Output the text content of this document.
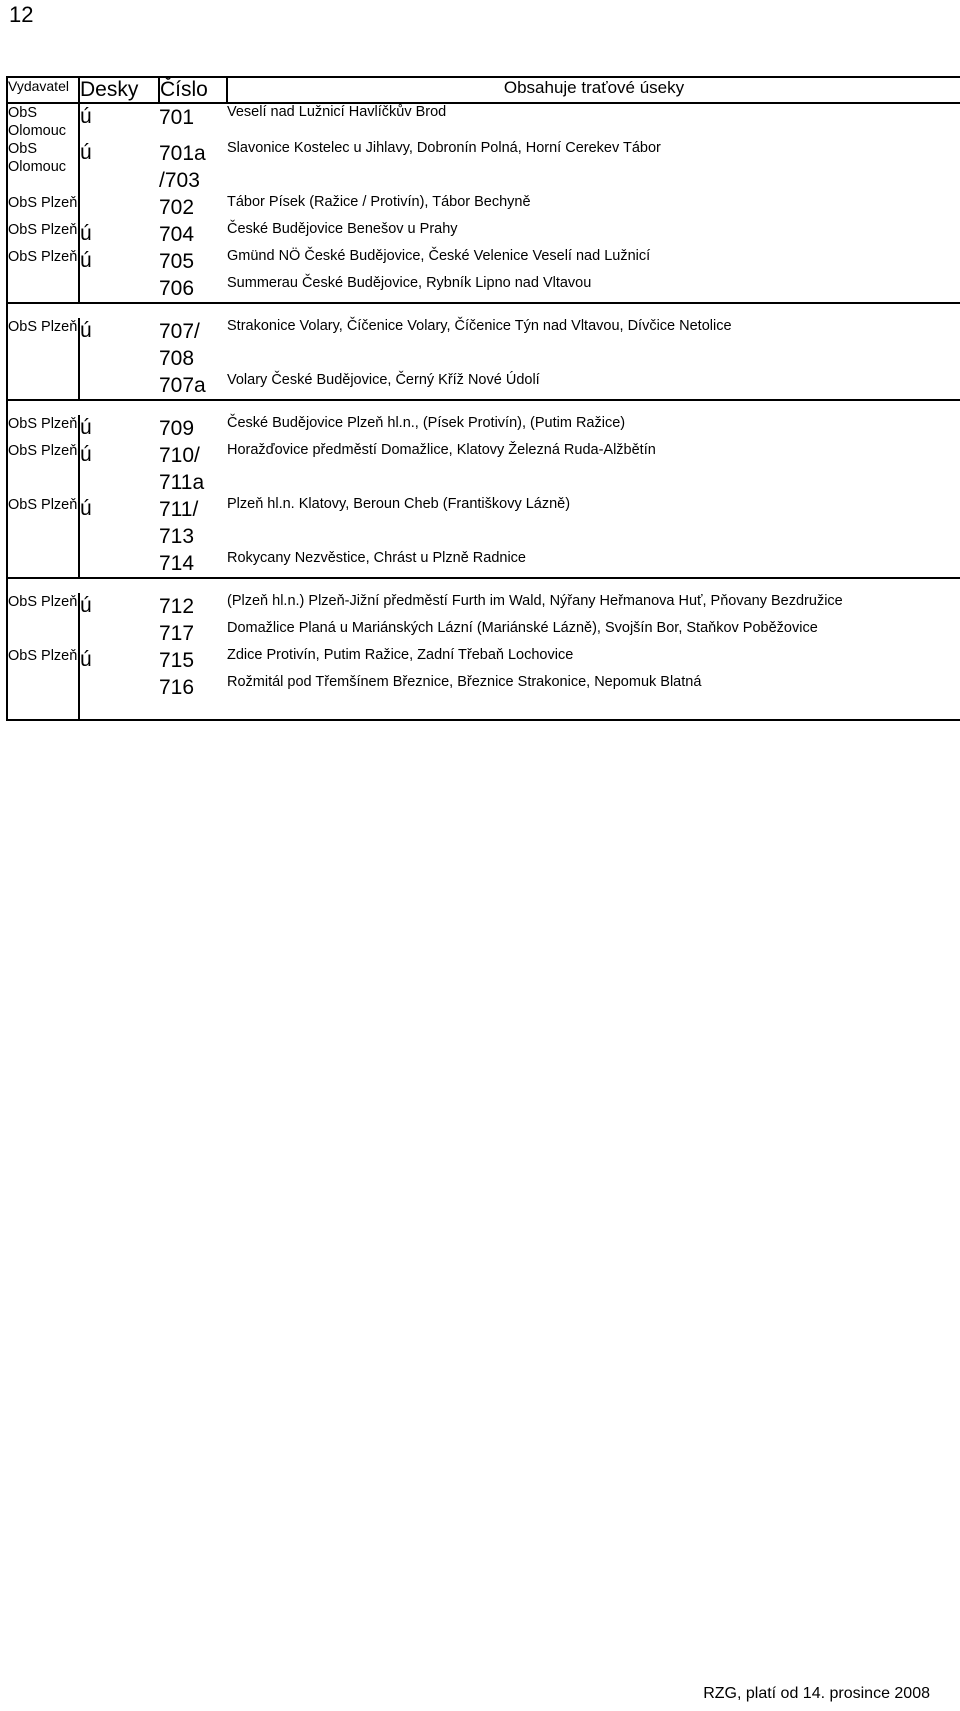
12
Vydavatel	Desky	Číslo	Obsahuje traťové úseky
ObS Olomouc	ú	701	Veselí nad Lužnicí Havlíčkův Brod
ObS Olomouc	ú	701a /703	Slavonice Kostelec u Jihlavy, Dobronín Polná, Horní Cerekev Tábor
ObS Plzeň		702	Tábor Písek (Ražice / Protivín), Tábor Bechyně
ObS Plzeň	ú	704	České Budějovice Benešov u Prahy
ObS Plzeň	ú	705	Gmünd NÖ České Budějovice, České Velenice Veselí nad Lužnicí
		706	Summerau České Budějovice, Rybník Lipno nad Vltavou

ObS Plzeň	ú	707/ 708	Strakonice Volary, Číčenice Volary, Číčenice Týn nad Vltavou, Dívčice Netolice
		707a	Volary České Budějovice, Černý Kříž Nové Údolí

ObS Plzeň	ú	709	České Budějovice Plzeň hl.n., (Písek Protivín), (Putim Ražice)
ObS Plzeň	ú	710/ 711a	Horažďovice předměstí Domažlice, Klatovy Železná Ruda-Alžbětín
ObS Plzeň	ú	711/ 713	Plzeň hl.n. Klatovy, Beroun Cheb (Františkovy Lázně)
		714	Rokycany Nezvěstice, Chrást u Plzně Radnice

ObS Plzeň	ú	712	(Plzeň hl.n.) Plzeň-Jižní předměstí Furth im Wald, Nýřany Heřmanova Huť, Pňovany Bezdružice
		717	Domažlice Planá u Mariánských Lázní (Mariánské Lázně), Svojšín Bor, Staňkov Poběžovice
ObS Plzeň	ú	715	Zdice Protivín, Putim Ražice, Zadní Třebaň Lochovice
		716	Rožmitál pod Třemšínem Březnice, Březnice Strakonice, Nepomuk Blatná
RZG, platí od 14. prosince 2008
